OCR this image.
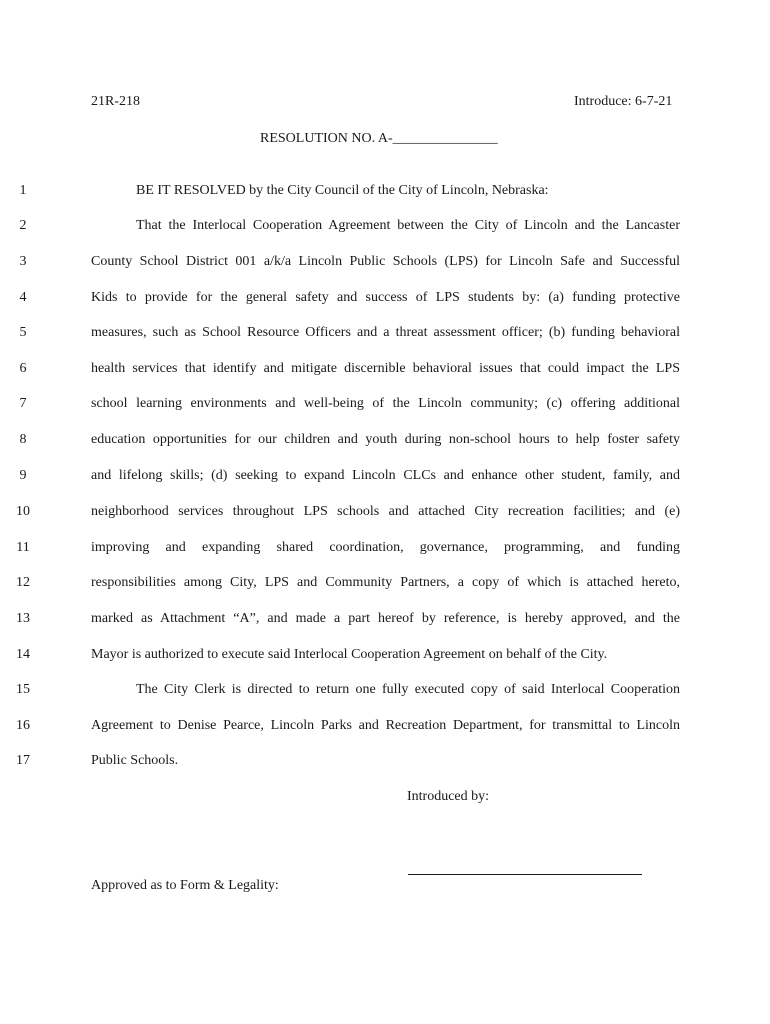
21R-218	Introduce: 6-7-21
RESOLUTION NO. A-_______________
1	BE IT RESOLVED by the City Council of the City of Lincoln, Nebraska:
2	That the Interlocal Cooperation Agreement between the City of Lincoln and the Lancaster
3	County School District 001 a/k/a Lincoln Public Schools (LPS) for Lincoln Safe and Successful
4	Kids to provide for the general safety and success of LPS students by: (a) funding protective
5	measures, such as School Resource Officers and a threat assessment officer; (b) funding behavioral
6	health services that identify and mitigate discernible behavioral issues that could impact the LPS
7	school learning environments and well-being of the Lincoln community; (c) offering additional
8	education opportunities for our children and youth during non-school hours to help foster safety
9	and lifelong skills; (d) seeking to expand Lincoln CLCs and enhance other student, family, and
10	neighborhood services throughout LPS schools and attached City recreation facilities; and (e)
11	improving and expanding shared coordination, governance, programming, and funding
12	responsibilities among City, LPS and Community Partners, a copy of which is attached hereto,
13	marked as Attachment “A”, and made a part hereof by reference, is hereby approved, and the
14	Mayor is authorized to execute said Interlocal Cooperation Agreement on behalf of the City.
15	The City Clerk is directed to return one fully executed copy of said Interlocal Cooperation
16	Agreement to Denise Pearce, Lincoln Parks and Recreation Department, for transmittal to Lincoln
17	Public Schools.
Introduced by:
Approved as to Form & Legality:
